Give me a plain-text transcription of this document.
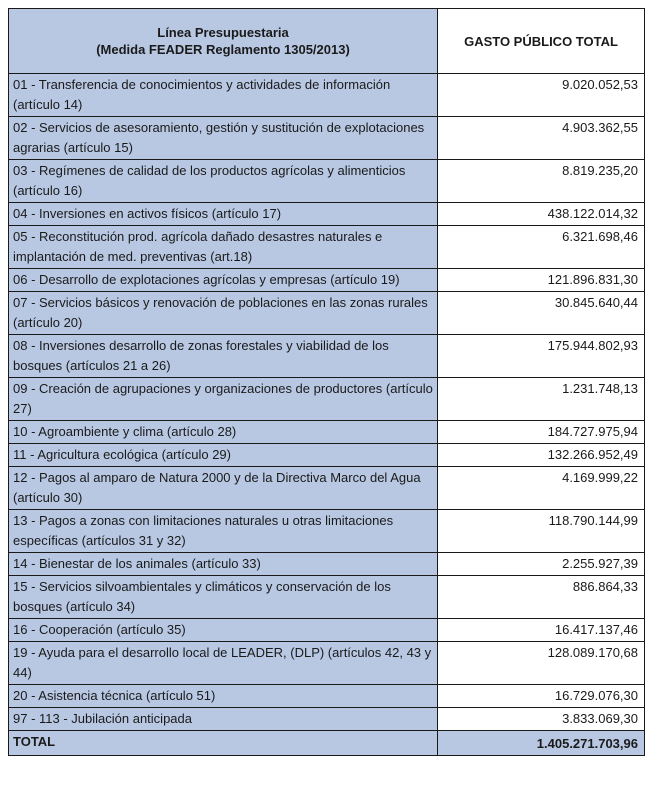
Línea Presupuestaria
(Medida FEADER Reglamento 1305/2013)	GASTO PÚBLICO TOTAL
01 - Transferencia de conocimientos y actividades de información (artículo 14)	9.020.052,53
02 - Servicios de asesoramiento, gestión y sustitución de explotaciones agrarias (artículo 15)	4.903.362,55
03 - Regímenes de calidad de los productos agrícolas y alimenticios (artículo 16)	8.819.235,20
04 - Inversiones en activos físicos (artículo 17)	438.122.014,32
05 - Reconstitución prod. agrícola dañado desastres naturales e implantación de med. preventivas (art.18)	6.321.698,46
06 - Desarrollo de explotaciones agrícolas y empresas (artículo 19)	121.896.831,30
07 - Servicios básicos y renovación de poblaciones en las zonas rurales (artículo 20)	30.845.640,44
08 - Inversiones desarrollo de zonas forestales y viabilidad de los bosques (artículos 21 a 26)	175.944.802,93
09 - Creación de agrupaciones y organizaciones de productores (artículo 27)	1.231.748,13
10 - Agroambiente y clima (artículo 28)	184.727.975,94
11 - Agricultura ecológica (artículo 29)	132.266.952,49
12 - Pagos al amparo de Natura 2000 y de la Directiva Marco del Agua (artículo 30)	4.169.999,22
13 - Pagos a zonas con limitaciones naturales u otras limitaciones específicas (artículos 31 y 32)	118.790.144,99
14 - Bienestar de los animales (artículo 33)	2.255.927,39
15 - Servicios silvoambientales y climáticos y conservación de los bosques (artículo 34)	886.864,33
16 - Cooperación (artículo 35)	16.417.137,46
19 - Ayuda para el desarrollo local de LEADER, (DLP) (artículos 42, 43 y 44)	128.089.170,68
20 - Asistencia técnica (artículo 51)	16.729.076,30
97 - 113 - Jubilación anticipada	3.833.069,30
TOTAL	1.405.271.703,96
